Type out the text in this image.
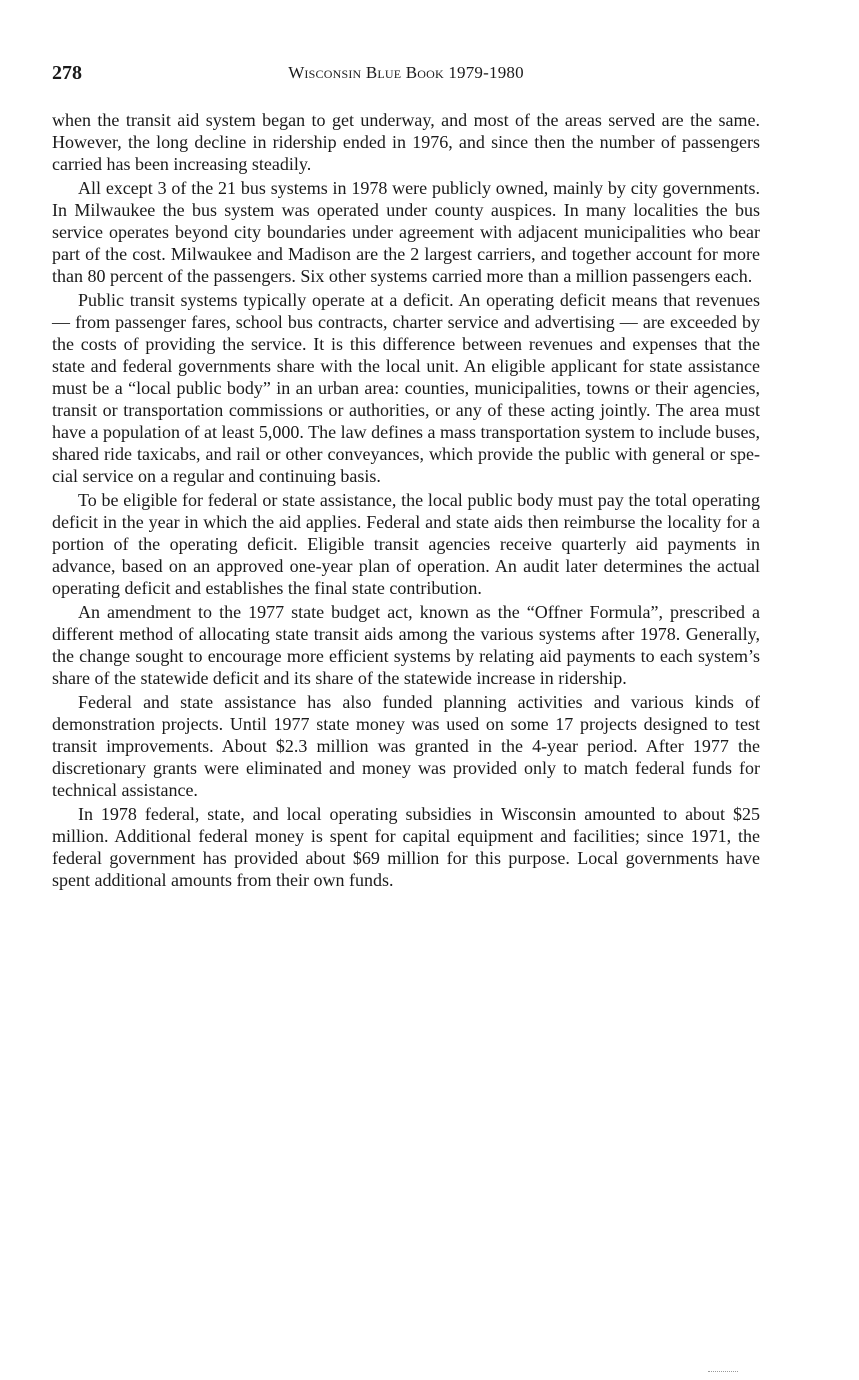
278	Wisconsin Blue Book 1979-1980

when the transit aid system began to get underway, and most of the areas served are the same. However, the long decline in ridership ended in 1976, and since then the number of passengers carried has been increasing steadily.

All except 3 of the 21 bus systems in 1978 were publicly owned, mainly by city governments. In Milwaukee the bus system was operated under county auspices. In many localities the bus service operates beyond city boundaries under agreement with adjacent municipalities who bear part of the cost. Milwaukee and Madison are the 2 largest carriers, and together account for more than 80 percent of the passengers. Six other systems carried more than a million passengers each.

Public transit systems typically operate at a deficit. An operating deficit means that revenues — from passenger fares, school bus contracts, charter service and advertising — are exceeded by the costs of providing the service. It is this difference between revenues and expenses that the state and federal governments share with the local unit. An eligible applicant for state assistance must be a “local public body” in an urban area: counties, municipalities, towns or their agencies, transit or transportation commissions or authorities, or any of these acting jointly. The area must have a population of at least 5,000. The law defines a mass transportation system to include buses, shared ride taxicabs, and rail or other conveyances, which provide the public with general or special service on a regular and continuing basis.

To be eligible for federal or state assistance, the local public body must pay the total operating deficit in the year in which the aid applies. Federal and state aids then reimburse the locality for a portion of the operating deficit. Eligible transit agencies receive quarterly aid payments in advance, based on an approved one-year plan of operation. An audit later determines the actual operating deficit and establishes the final state contribution.

An amendment to the 1977 state budget act, known as the “Offner Formula”, prescribed a different method of allocating state transit aids among the various systems after 1978. Generally, the change sought to encourage more efficient systems by relating aid payments to each system’s share of the statewide deficit and its share of the statewide increase in ridership.

Federal and state assistance has also funded planning activities and various kinds of demonstration projects. Until 1977 state money was used on some 17 projects designed to test transit improvements. About $2.3 million was granted in the 4-year period. After 1977 the discretionary grants were eliminated and money was provided only to match federal funds for technical assistance.

In 1978 federal, state, and local operating subsidies in Wisconsin amounted to about $25 million. Additional federal money is spent for capital equipment and facilities; since 1971, the federal government has provided about $69 million for this purpose. Local governments have spent additional amounts from their own funds.
